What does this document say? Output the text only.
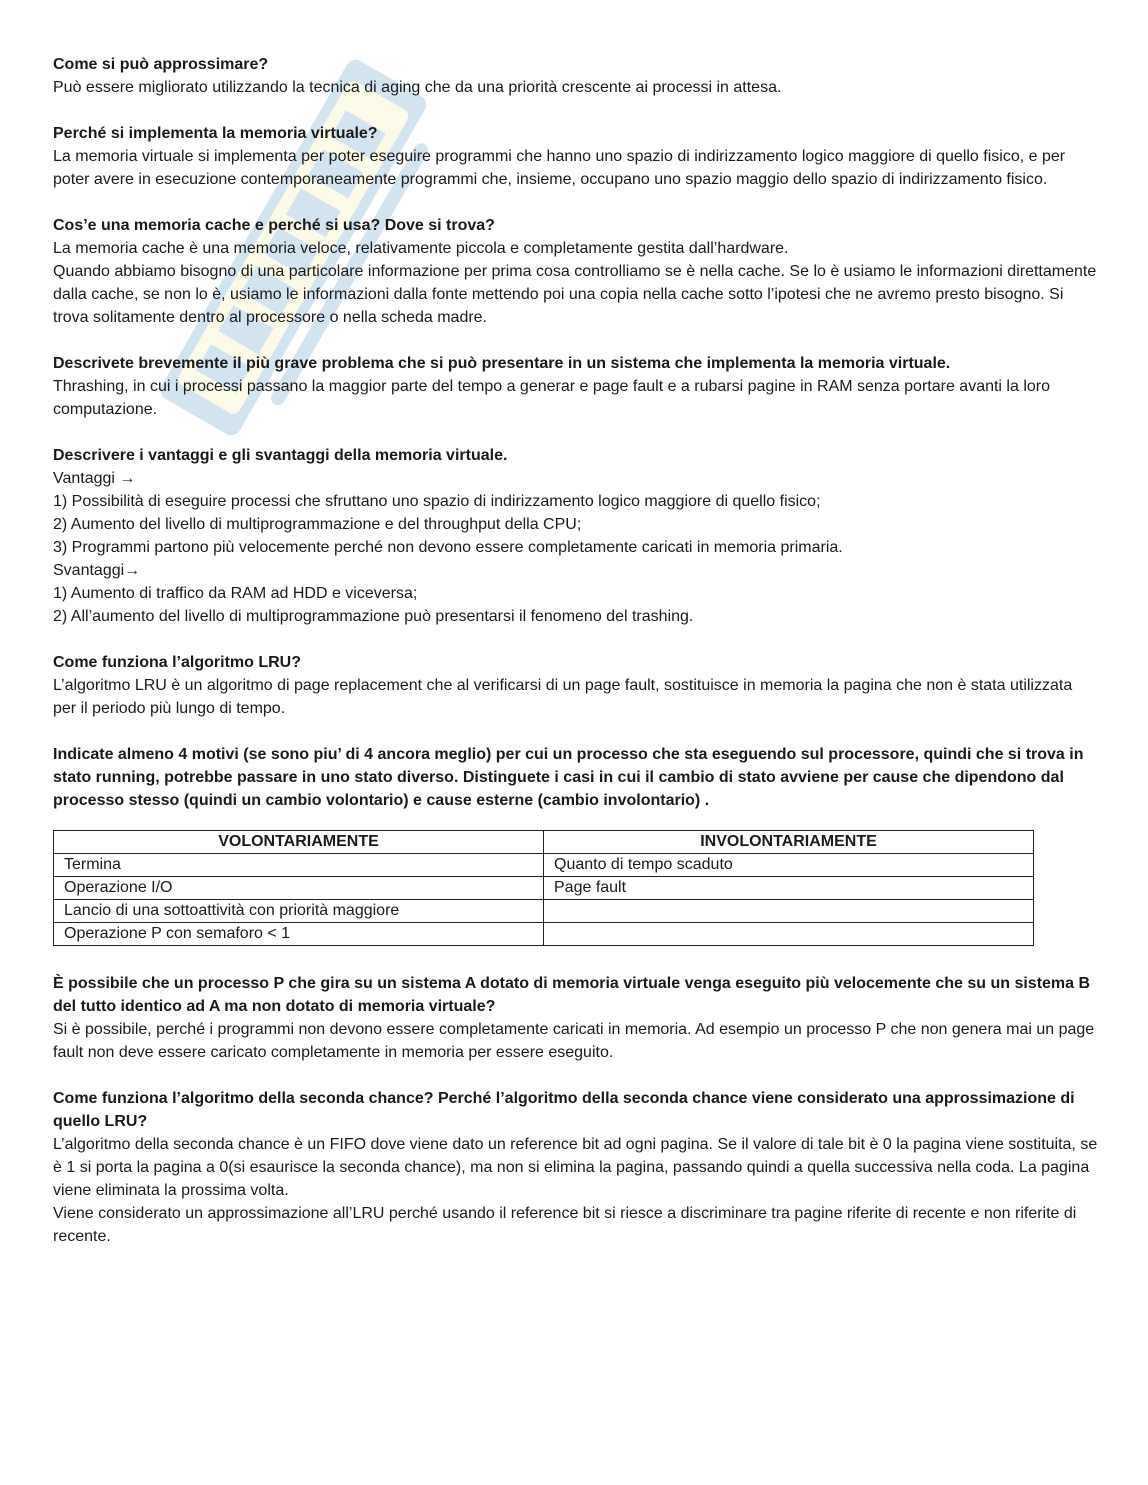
Come si può approssimare?
Può essere migliorato utilizzando la tecnica di aging che da una priorità crescente ai processi in attesa.
Perché si implementa la memoria virtuale?
La memoria virtuale si implementa per poter eseguire programmi che hanno uno spazio di indirizzamento logico maggiore di quello fisico, e per poter avere in esecuzione contemporaneamente programmi che, insieme, occupano uno spazio maggio dello spazio di indirizzamento fisico.
Cos’e una memoria cache e perché si usa? Dove si trova?
La memoria cache è una memoria veloce, relativamente piccola e completamente gestita dall’hardware.
Quando abbiamo bisogno di una particolare informazione per prima cosa controlliamo se è nella cache. Se lo è usiamo le informazioni direttamente dalla cache, se non lo è, usiamo le informazioni dalla fonte mettendo poi una copia nella cache sotto l’ipotesi che ne avremo presto bisogno. Si trova solitamente dentro al processore o nella scheda madre.
Descrivete brevemente il più grave problema che si può presentare in un sistema che implementa la memoria virtuale.
Thrashing, in cui i processi passano la maggior parte del tempo a generar e page fault e a rubarsi pagine in RAM senza portare avanti la loro computazione.
Descrivere i vantaggi e gli svantaggi della memoria virtuale.
Vantaggi →
1) Possibilità di eseguire processi che sfruttano uno spazio di indirizzamento logico maggiore di quello fisico;
2) Aumento del livello di multiprogrammazione e del throughput della CPU;
3) Programmi partono più velocemente perché non devono essere completamente caricati in memoria primaria.
Svantaggi→
1) Aumento di traffico da RAM ad HDD e viceversa;
2) All’aumento del livello di multiprogrammazione può presentarsi il fenomeno del trashing.
Come funziona l’algoritmo LRU?
L’algoritmo LRU è un algoritmo di page replacement che al verificarsi di un page fault, sostituisce in memoria la pagina che non è stata utilizzata per il periodo più lungo di tempo.
Indicate almeno 4 motivi (se sono piu’ di 4 ancora meglio) per cui un processo che sta eseguendo sul processore, quindi che si trova in stato running, potrebbe passare in uno stato diverso. Distinguete i casi in cui il cambio di stato avviene per cause che dipendono dal processo stesso (quindi un cambio volontario) e cause esterne (cambio involontario) .
VOLONTARIAMENTE	INVOLONTARIAMENTE
Termina	Quanto di tempo scaduto
Operazione I/O	Page fault
Lancio di una sottoattività con priorità maggiore	
Operazione P con semaforo < 1	
È possibile che un processo P che gira su un sistema A dotato di memoria virtuale venga eseguito più velocemente che su un sistema B del tutto identico ad A ma non dotato di memoria virtuale?
Si è possibile, perché i programmi non devono essere completamente caricati in memoria. Ad esempio un processo P che non genera mai un page fault non deve essere caricato completamente in memoria per essere eseguito.
Come funziona l’algoritmo della seconda chance? Perché l’algoritmo della seconda chance viene considerato una approssimazione di quello LRU?
L’algoritmo della seconda chance è un FIFO dove viene dato un reference bit ad ogni pagina. Se il valore di tale bit è 0 la pagina viene sostituita, se è 1 si porta la pagina a 0(si esaurisce la seconda chance), ma non si elimina la pagina, passando quindi a quella successiva nella coda. La pagina viene eliminata la prossima volta.
Viene considerato un approssimazione all’LRU perché usando il reference bit si riesce a discriminare tra pagine riferite di recente e non riferite di recente.
